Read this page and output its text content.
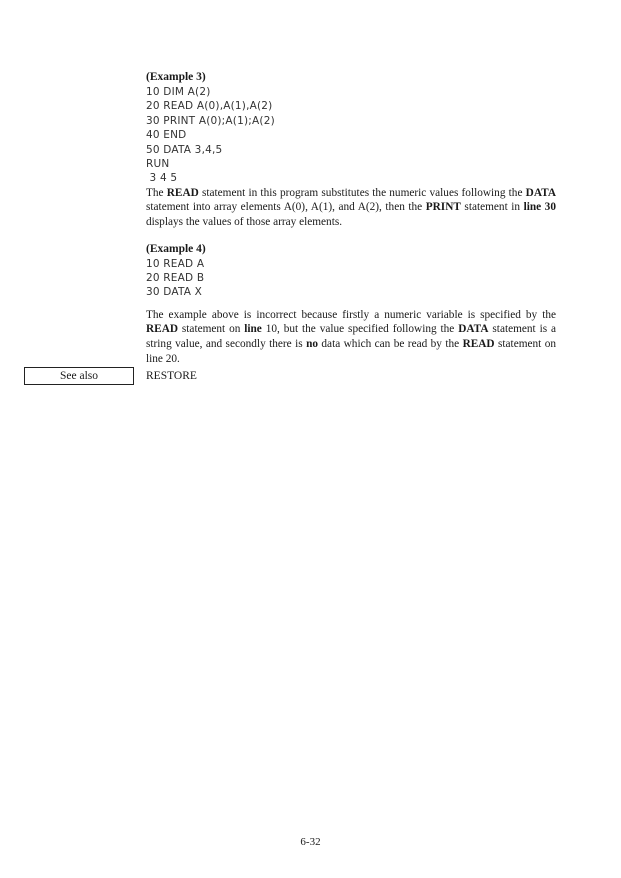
(Example 3)

10 DIM A(2)
20 READ A(0),A(1),A(2)
30 PRINT A(0);A(1);A(2)
40 END
50 DATA 3,4,5
RUN
3 4 5

The READ statement in this program substitutes the numeric values following the DATA statement into array elements A(0), A(1), and A(2), then the PRINT statement in line 30 displays the values of those array elements.

(Example 4)

10 READ A
20 READ B
30 DATA X

The example above is incorrect because firstly a numeric variable is specified by the READ statement on line 10, but the value specified following the DATA statement is a string value, and secondly there is no data which can be read by the READ statement on line 20.

See also	RESTORE
6-32
